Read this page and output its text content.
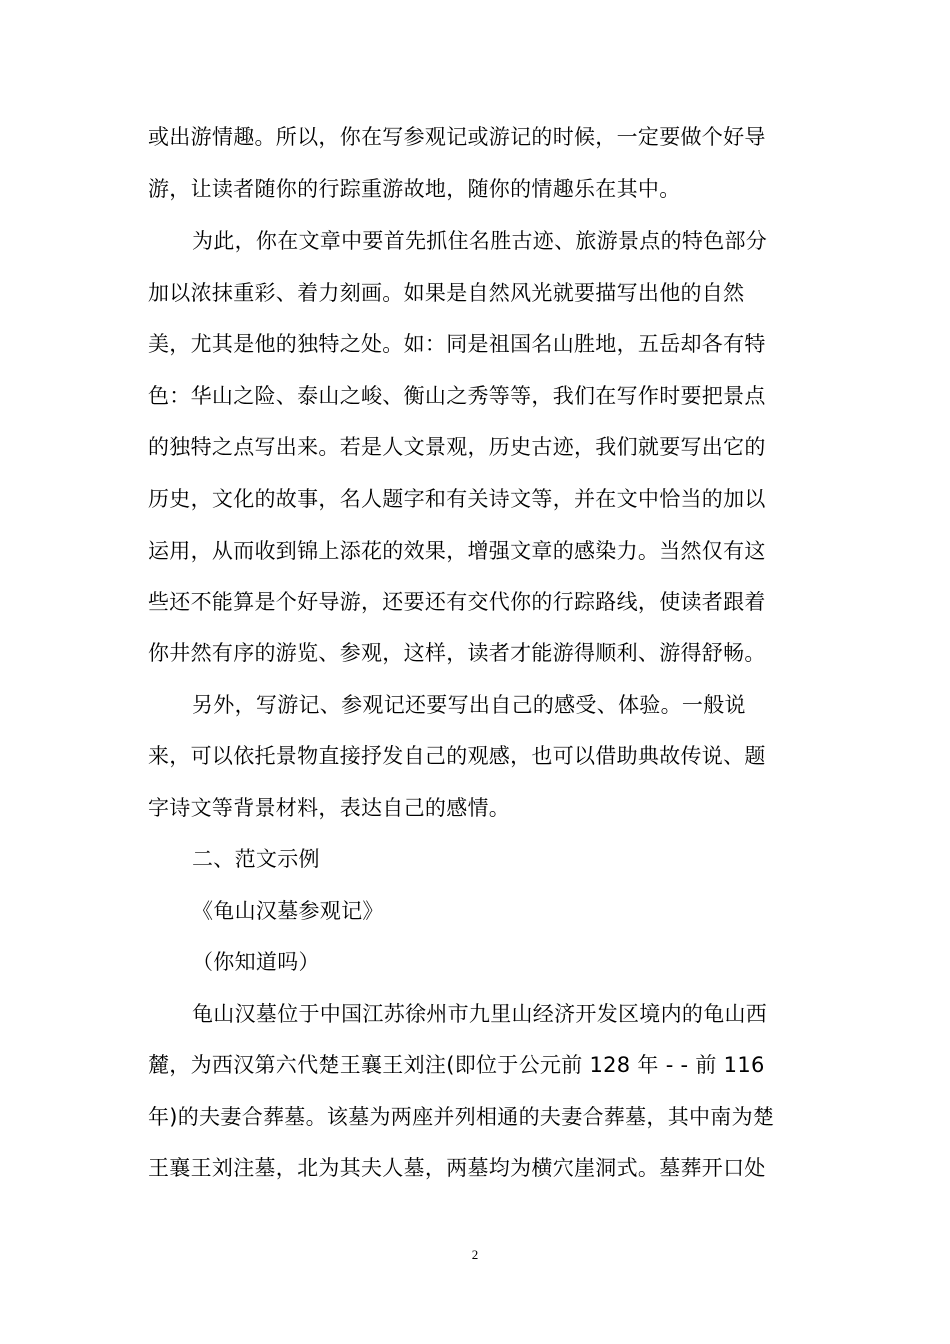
或出游情趣。所以，你在写参观记或游记的时候，一定要做个好导
游，让读者随你的行踪重游故地，随你的情趣乐在其中。
为此，你在文章中要首先抓住名胜古迹、旅游景点的特色部分
加以浓抹重彩、着力刻画。如果是自然风光就要描写出他的自然
美，尤其是他的独特之处。如：同是祖国名山胜地，五岳却各有特
色：华山之险、泰山之峻、衡山之秀等等，我们在写作时要把景点
的独特之点写出来。若是人文景观，历史古迹，我们就要写出它的
历史，文化的故事，名人题字和有关诗文等，并在文中恰当的加以
运用，从而收到锦上添花的效果，增强文章的感染力。当然仅有这
些还不能算是个好导游，还要还有交代你的行踪路线，使读者跟着
你井然有序的游览、参观，这样，读者才能游得顺利、游得舒畅。
另外，写游记、参观记还要写出自己的感受、体验。一般说
来，可以依托景物直接抒发自己的观感，也可以借助典故传说、题
字诗文等背景材料，表达自己的感情。
二、范文示例
《龟山汉墓参观记》
（你知道吗）
龟山汉墓位于中国江苏徐州市九里山经济开发区境内的龟山西
麓，为西汉第六代楚王襄王刘注(即位于公元前 128 年 - - 前 116
年)的夫妻合葬墓。该墓为两座并列相通的夫妻合葬墓，其中南为楚
王襄王刘注墓，北为其夫人墓，两墓均为横穴崖洞式。墓葬开口处
2
